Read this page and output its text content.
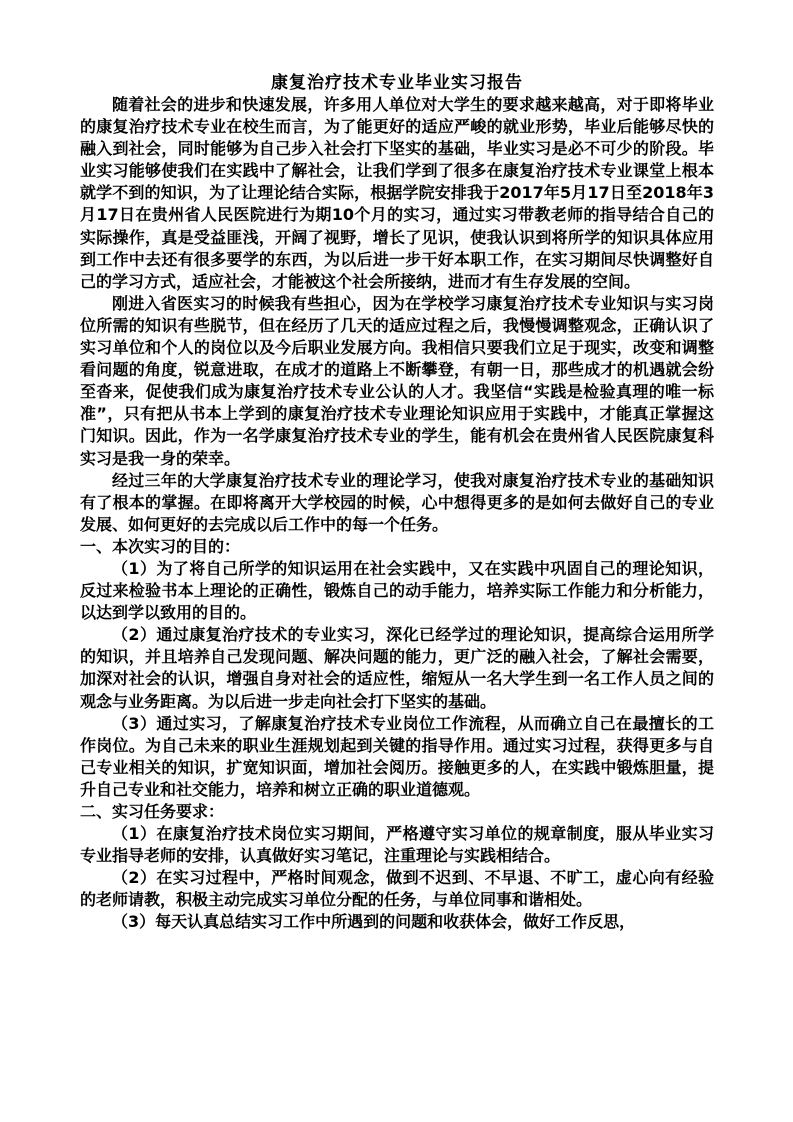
康复治疗技术专业毕业实习报告

随着社会的进步和快速发展，许多用人单位对大学生的要求越来越高，对于即将毕业的康复治疗技术专业在校生而言，为了能更好的适应严峻的就业形势，毕业后能够尽快的融入到社会，同时能够为自己步入社会打下坚实的基础，毕业实习是必不可少的阶段。毕业实习能够使我们在实践中了解社会，让我们学到了很多在康复治疗技术专业课堂上根本就学不到的知识，为了让理论结合实际，根据学院安排我于2017年5月17日至2018年3月17日在贵州省人民医院进行为期10个月的实习，通过实习带教老师的指导结合自己的实际操作，真是受益匪浅，开阔了视野，增长了见识，使我认识到将所学的知识具体应用到工作中去还有很多要学的东西，为以后进一步干好本职工作，在实习期间尽快调整好自己的学习方式，适应社会，才能被这个社会所接纳，进而才有生存发展的空间。

刚进入省医实习的时候我有些担心，因为在学校学习康复治疗技术专业知识与实习岗位所需的知识有些脱节，但在经历了几天的适应过程之后，我慢慢调整观念，正确认识了实习单位和个人的岗位以及今后职业发展方向。我相信只要我们立足于现实，改变和调整看问题的角度，锐意进取，在成才的道路上不断攀登，有朝一日，那些成才的机遇就会纷至沓来，促使我们成为康复治疗技术专业公认的人才。我坚信“实践是检验真理的唯一标准”，只有把从书本上学到的康复治疗技术专业理论知识应用于实践中，才能真正掌握这门知识。因此，作为一名学康复治疗技术专业的学生，能有机会在贵州省人民医院康复科实习是我一身的荣幸。

经过三年的大学康复治疗技术专业的理论学习，使我对康复治疗技术专业的基础知识有了根本的掌握。在即将离开大学校园的时候，心中想得更多的是如何去做好自己的专业发展、如何更好的去完成以后工作中的每一个任务。

一、本次实习的目的：

（1）为了将自己所学的知识运用在社会实践中，又在实践中巩固自己的理论知识，反过来检验书本上理论的正确性，锻炼自己的动手能力，培养实际工作能力和分析能力，以达到学以致用的目的。

（2）通过康复治疗技术的专业实习，深化已经学过的理论知识，提高综合运用所学的知识，并且培养自己发现问题、解决问题的能力，更广泛的融入社会，了解社会需要，加深对社会的认识，增强自身对社会的适应性，缩短从一名大学生到一名工作人员之间的观念与业务距离。为以后进一步走向社会打下坚实的基础。

（3）通过实习，了解康复治疗技术专业岗位工作流程，从而确立自己在最擅长的工作岗位。为自己未来的职业生涯规划起到关键的指导作用。通过实习过程，获得更多与自己专业相关的知识，扩宽知识面，增加社会阅历。接触更多的人，在实践中锻炼胆量，提升自己专业和社交能力，培养和树立正确的职业道德观。

二、实习任务要求：

（1）在康复治疗技术岗位实习期间，严格遵守实习单位的规章制度，服从毕业实习专业指导老师的安排，认真做好实习笔记，注重理论与实践相结合。

（2）在实习过程中，严格时间观念，做到不迟到、不早退、不旷工，虚心向有经验的老师请教，积极主动完成实习单位分配的任务，与单位同事和谐相处。

（3）每天认真总结实习工作中所遇到的问题和收获体会，做好工作反思，
